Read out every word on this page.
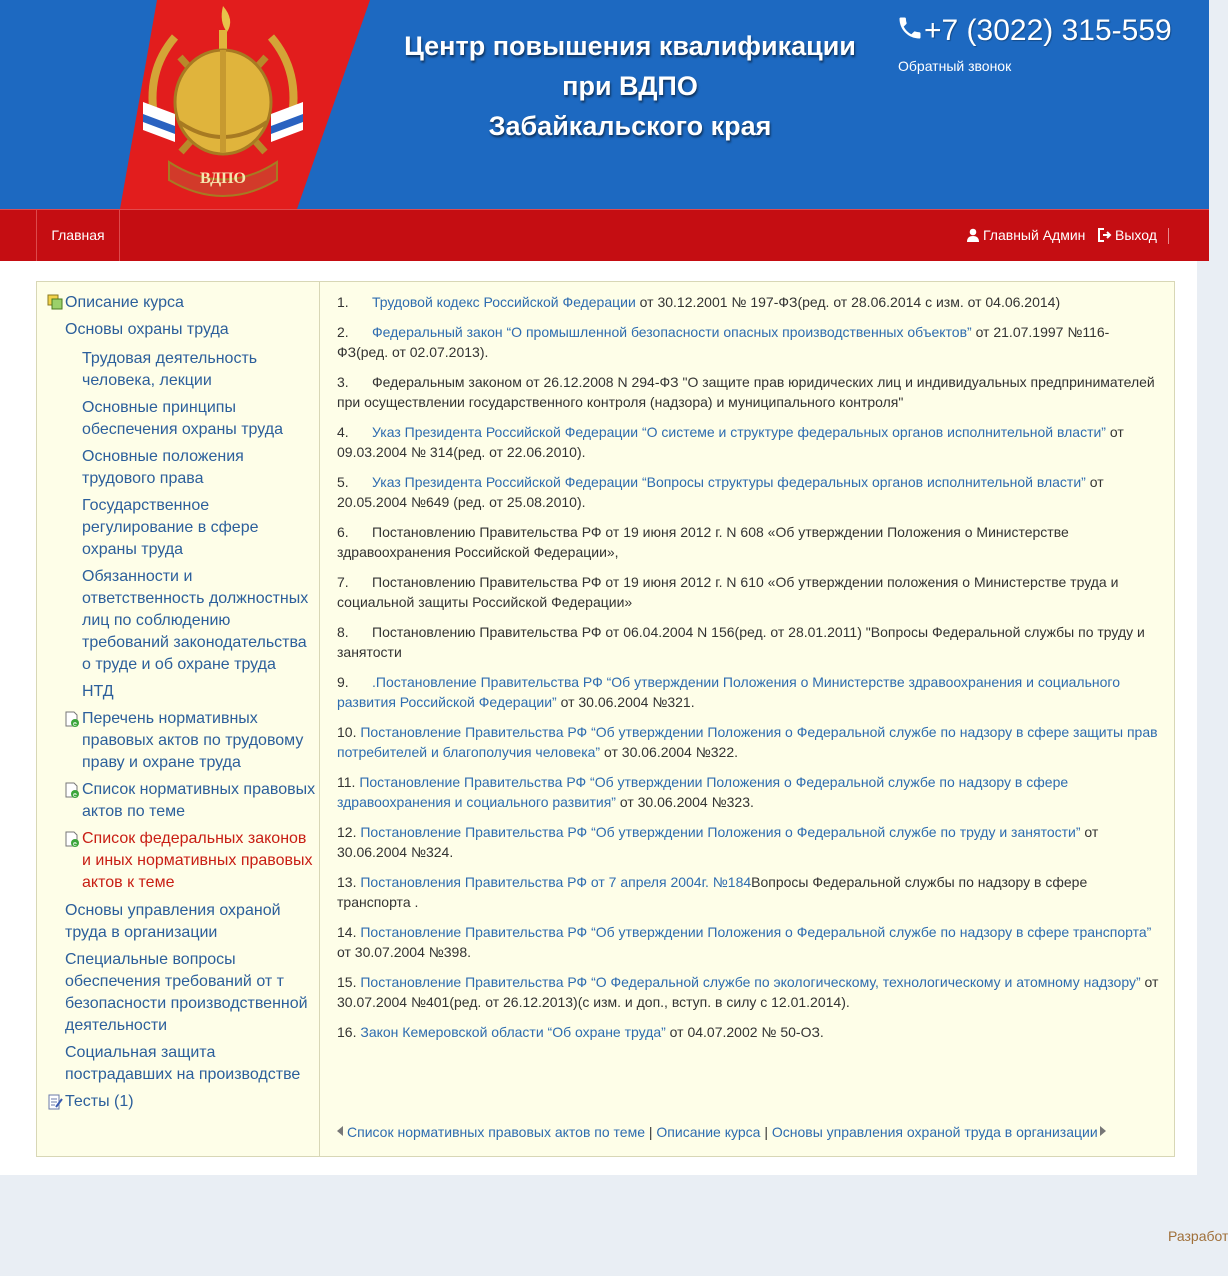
ВДПО
Центр повышения квалификации
при ВДПО
Забайкальского края
+7 (3022) 315-559
Обратный звонок
Главная	Главный Админ	Выход
Описание курса
Основы охраны труда
Трудовая деятельность человека, лекции
Основные принципы обеспечения охраны труда
Основные положения трудового права
Государственное регулирование в сфере охраны труда
Обязанности и ответственность должностных лиц по соблюдению требований законодательства о труде и об охране труда
НТД
e Перечень нормативных правовых актов по трудовому праву и охране труда
e Список нормативных правовых актов по теме
e Список федеральных законов и иных нормативных правовых актов к теме
Основы управления охраной труда в организации
Специальные вопросы обеспечения требований от т безопасности производственной деятельности
Социальная защита пострадавших на производстве
Тесты (1)
1. Трудовой кодекс Российской Федерации от 30.12.2001 № 197-ФЗ(ред. от 28.06.2014 с изм. от 04.06.2014)
2. Федеральный закон “О промышленной безопасности опасных производственных объектов” от 21.07.1997 №116-ФЗ(ред. от 02.07.2013).
3. Федеральным законом от 26.12.2008 N 294-ФЗ "О защите прав юридических лиц и индивидуальных предпринимателей при осуществлении государственного контроля (надзора) и муниципального контроля"
4. Указ Президента Российской Федерации “О системе и структуре федеральных органов исполнительной власти” от 09.03.2004 № 314(ред. от 22.06.2010).
5. Указ Президента Российской Федерации “Вопросы структуры федеральных органов исполнительной власти” от 20.05.2004 №649 (ред. от 25.08.2010).
6. Постановлению Правительства РФ от 19 июня 2012 г. N 608 «Об утверждении Положения о Министерстве здравоохранения Российской Федерации»,
7. Постановлению Правительства РФ от 19 июня 2012 г. N 610 «Об утверждении положения о Министерстве труда и социальной защиты Российской Федерации»
8. Постановлению Правительства РФ от 06.04.2004 N 156(ред. от 28.01.2011) "Вопросы Федеральной службы по труду и занятости
9. .Постановление Правительства РФ “Об утверждении Положения о Министерстве здравоохранения и социального развития Российской Федерации” от 30.06.2004 №321.
10. Постановление Правительства РФ “Об утверждении Положения о Федеральной службе по надзору в сфере защиты прав потребителей и благополучия человека” от 30.06.2004 №322.
11. Постановление Правительства РФ “Об утверждении Положения о Федеральной службе по надзору в сфере здравоохранения и социального развития” от 30.06.2004 №323.
12. Постановление Правительства РФ “Об утверждении Положения о Федеральной службе по труду и занятости” от 30.06.2004 №324.
13. Постановления Правительства РФ от 7 апреля 2004г. №184Вопросы Федеральной службы по надзору в сфере транспорта .
14. Постановление Правительства РФ “Об утверждении Положения о Федеральной службе по надзору в сфере транспорта” от 30.07.2004 №398.
15. Постановление Правительства РФ “О Федеральной службе по экологическому, технологическому и атомному надзору” от 30.07.2004 №401(ред. от 26.12.2013)(с изм. и доп., вступ. в силу с 12.01.2014).
16. Закон Кемеровской области “Об охране труда” от 04.07.2002 № 50-ОЗ.
Список нормативных правовых актов по теме | Описание курса | Основы управления охраной труда в организации
Разработ
